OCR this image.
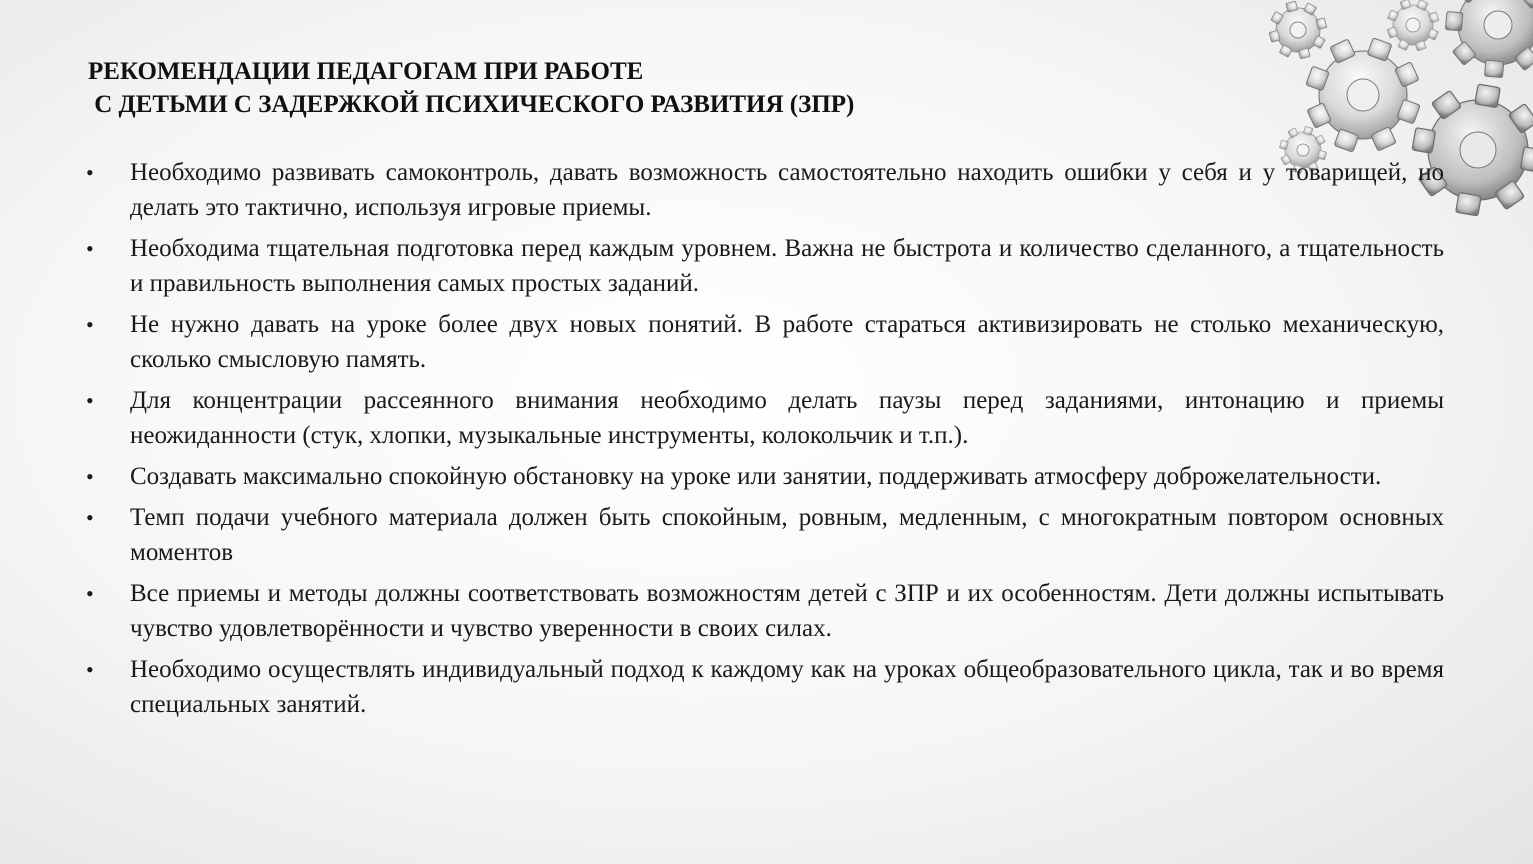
РЕКОМЕНДАЦИИ ПЕДАГОГАМ ПРИ РАБОТЕ
С ДЕТЬМИ С ЗАДЕРЖКОЙ ПСИХИЧЕСКОГО РАЗВИТИЯ (ЗПР)
•	Необходимо развивать самоконтроль, давать возможность самостоятельно находить ошибки у себя и у товарищей, но делать это тактично, используя игровые приемы.
•	Необходима тщательная подготовка перед каждым уровнем. Важна не быстрота и количество сделанного, а тщательность и правильность выполнения самых простых заданий.
•	Не нужно давать на уроке более двух новых понятий. В работе стараться активизировать не столько механическую, сколько смысловую память.
•	Для концентрации рассеянного внимания необходимо делать паузы перед заданиями, интонацию и приемы неожиданности (стук, хлопки, музыкальные инструменты, колокольчик и т.п.).
•	Создавать максимально спокойную обстановку на уроке или занятии, поддерживать атмосферу доброжелательности.
•	Темп подачи учебного материала должен быть спокойным, ровным, медленным, с многократным повтором основных моментов
•	Все приемы и методы должны соответствовать возможностям детей с ЗПР и их особенностям. Дети должны испытывать чувство удовлетворённости и чувство уверенности в своих силах.
•	Необходимо осуществлять индивидуальный подход к каждому как на уроках общеобразовательного цикла, так и во время специальных занятий.
